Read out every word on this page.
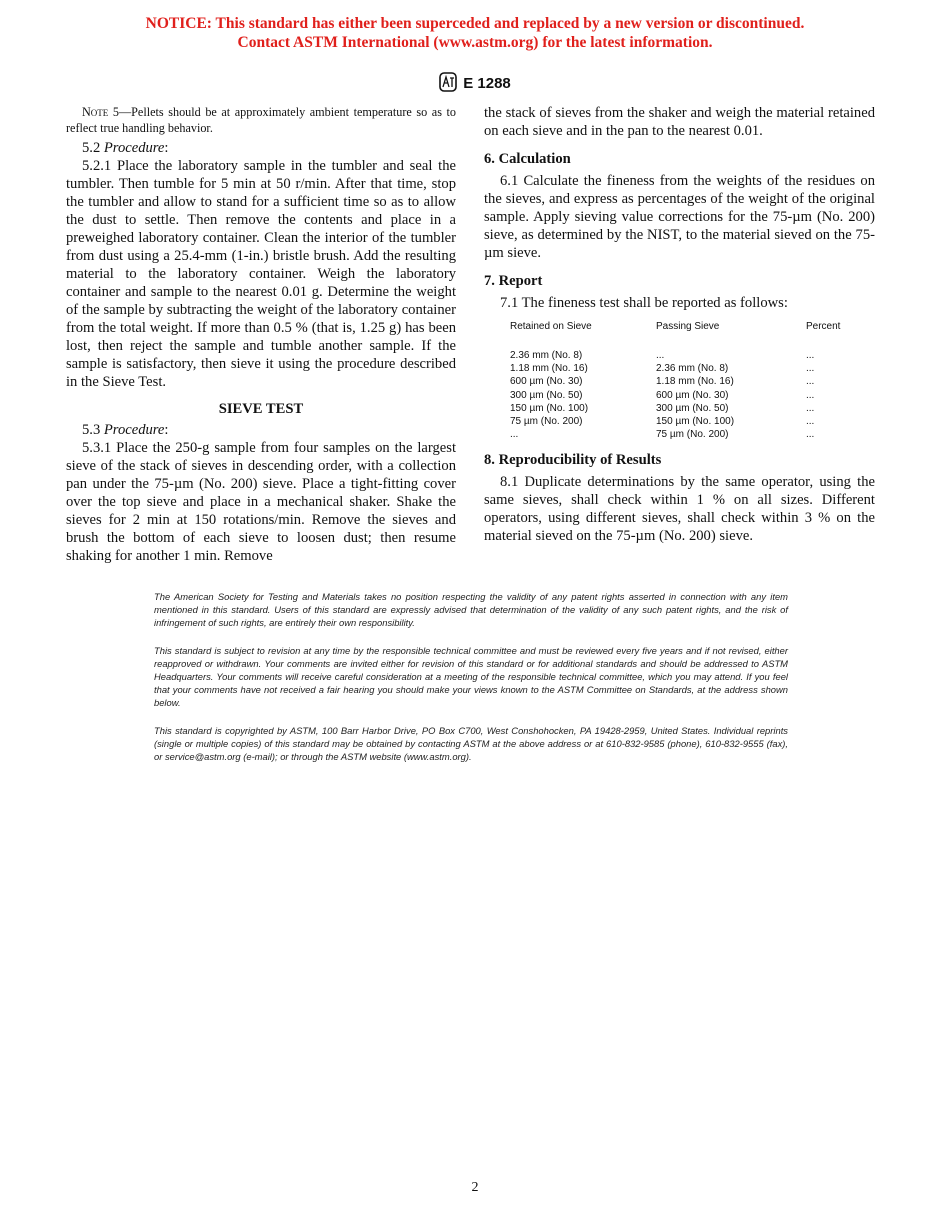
NOTICE: This standard has either been superceded and replaced by a new version or discontinued.
Contact ASTM International (www.astm.org) for the latest information.
E 1288

Note 5—Pellets should be at approximately ambient temperature so as to reflect true handling behavior.

5.2 Procedure:

5.2.1 Place the laboratory sample in the tumbler and seal the tumbler. Then tumble for 5 min at 50 r/min. After that time, stop the tumbler and allow to stand for a sufficient time so as to allow the dust to settle. Then remove the contents and place in a preweighed laboratory container. Clean the interior of the tumbler from dust using a 25.4-mm (1-in.) bristle brush. Add the resulting material to the laboratory container. Weigh the laboratory container and sample to the nearest 0.01 g. Determine the weight of the sample by subtracting the weight of the laboratory container from the total weight. If more than 0.5 % (that is, 1.25 g) has been lost, then reject the sample and tumble another sample. If the sample is satisfactory, then sieve it using the procedure described in the Sieve Test.

SIEVE TEST

5.3 Procedure:

5.3.1 Place the 250-g sample from four samples on the largest sieve of the stack of sieves in descending order, with a collection pan under the 75-µm (No. 200) sieve. Place a tight-fitting cover over the top sieve and place in a mechanical shaker. Shake the sieves for 2 min at 150 rotations/min. Remove the sieves and brush the bottom of each sieve to loosen dust; then resume shaking for another 1 min. Remove

the stack of sieves from the shaker and weigh the material retained on each sieve and in the pan to the nearest 0.01.

6. Calculation

6.1 Calculate the fineness from the weights of the residues on the sieves, and express as percentages of the weight of the original sample. Apply sieving value corrections for the 75-µm (No. 200) sieve, as determined by the NIST, to the material sieved on the 75-µm sieve.

7. Report

7.1 The fineness test shall be reported as follows:

Retained on Sieve	Passing Sieve	Percent
2.36 mm (No. 8)	...	...
1.18 mm (No. 16)	2.36 mm (No. 8)	...
600 µm (No. 30)	1.18 mm (No. 16)	...
300 µm (No. 50)	600 µm (No. 30)	...
150 µm (No. 100)	300 µm (No. 50)	...
75 µm (No. 200)	150 µm (No. 100)	...
...	75 µm (No. 200)	...

8. Reproducibility of Results

8.1 Duplicate determinations by the same operator, using the same sieves, shall check within 1 % on all sizes. Different operators, using different sieves, shall check within 3 % on the material sieved on the 75-µm (No. 200) sieve.

The American Society for Testing and Materials takes no position respecting the validity of any patent rights asserted in connection with any item mentioned in this standard. Users of this standard are expressly advised that determination of the validity of any such patent rights, and the risk of infringement of such rights, are entirely their own responsibility.

This standard is subject to revision at any time by the responsible technical committee and must be reviewed every five years and if not revised, either reapproved or withdrawn. Your comments are invited either for revision of this standard or for additional standards and should be addressed to ASTM Headquarters. Your comments will receive careful consideration at a meeting of the responsible technical committee, which you may attend. If you feel that your comments have not received a fair hearing you should make your views known to the ASTM Committee on Standards, at the address shown below.

This standard is copyrighted by ASTM, 100 Barr Harbor Drive, PO Box C700, West Conshohocken, PA 19428-2959, United States. Individual reprints (single or multiple copies) of this standard may be obtained by contacting ASTM at the above address or at 610-832-9585 (phone), 610-832-9555 (fax), or service@astm.org (e-mail); or through the ASTM website (www.astm.org).

2
